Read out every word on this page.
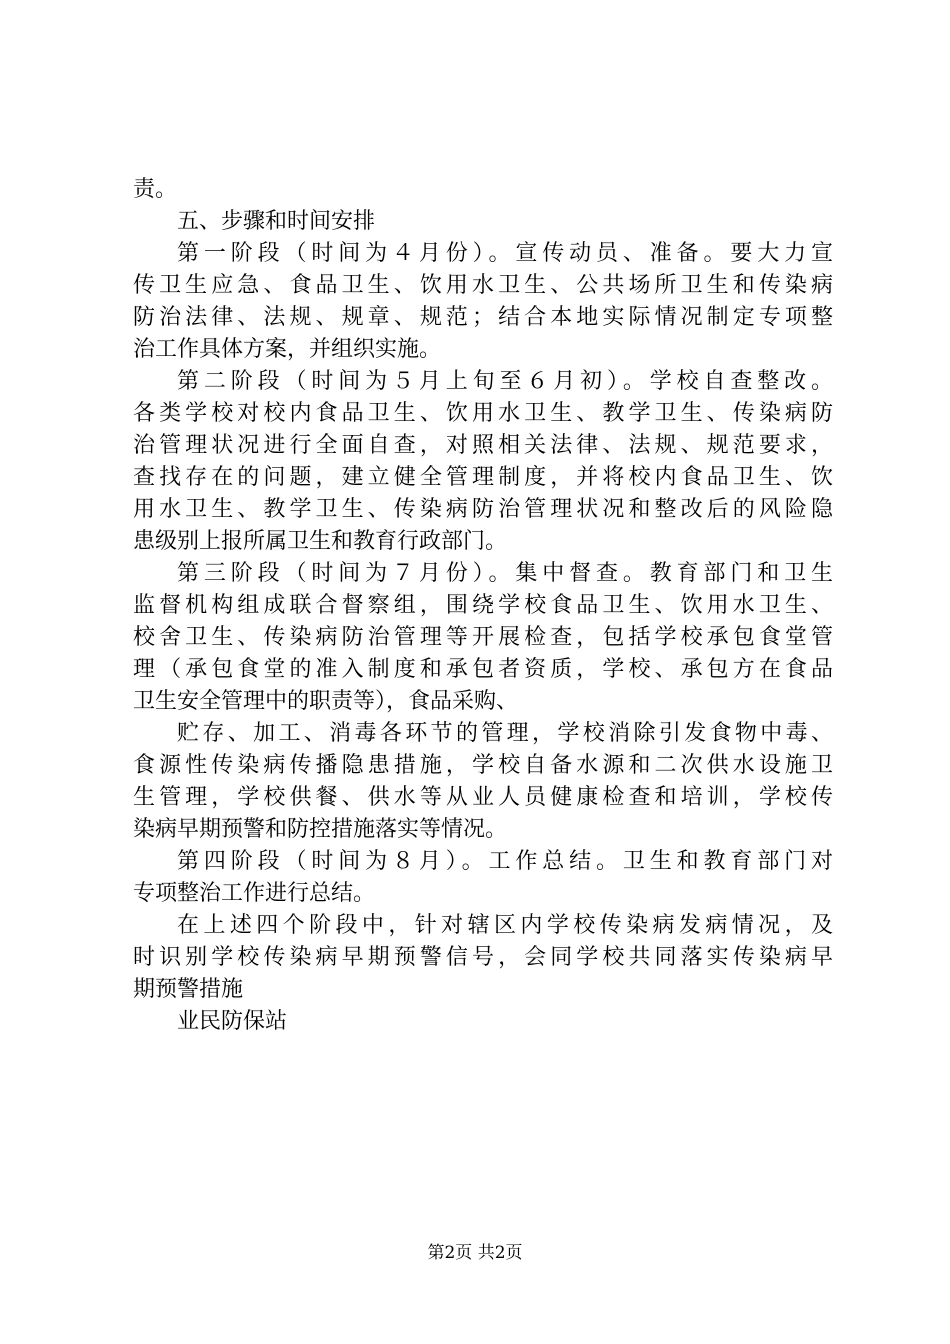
责。
五、步骤和时间安排
第一阶段（时间为４月份）。宣传动员、准备。要大力宣
传卫生应急、食品卫生、饮用水卫生、公共场所卫生和传染病
防治法律、法规、规章、规范；结合本地实际情况制定专项整
治工作具体方案，并组织实施。
第二阶段（时间为５月上旬至６月初）。学校自查整改。
各类学校对校内食品卫生、饮用水卫生、教学卫生、传染病防
治管理状况进行全面自查，对照相关法律、法规、规范要求，
查找存在的问题，建立健全管理制度，并将校内食品卫生、饮
用水卫生、教学卫生、传染病防治管理状况和整改后的风险隐
患级别上报所属卫生和教育行政部门。
第三阶段（时间为７月份）。集中督查。教育部门和卫生
监督机构组成联合督察组，围绕学校食品卫生、饮用水卫生、
校舍卫生、传染病防治管理等开展检查，包括学校承包食堂管
理（承包食堂的准入制度和承包者资质，学校、承包方在食品
卫生安全管理中的职责等），食品采购、
贮存、加工、消毒各环节的管理，学校消除引发食物中毒、
食源性传染病传播隐患措施，学校自备水源和二次供水设施卫
生管理，学校供餐、供水等从业人员健康检查和培训，学校传
染病早期预警和防控措施落实等情况。
第四阶段（时间为８月）。工作总结。卫生和教育部门对
专项整治工作进行总结。
在上述四个阶段中，针对辖区内学校传染病发病情况，及
时识别学校传染病早期预警信号，会同学校共同落实传染病早
期预警措施
业民防保站
第2页 共2页
